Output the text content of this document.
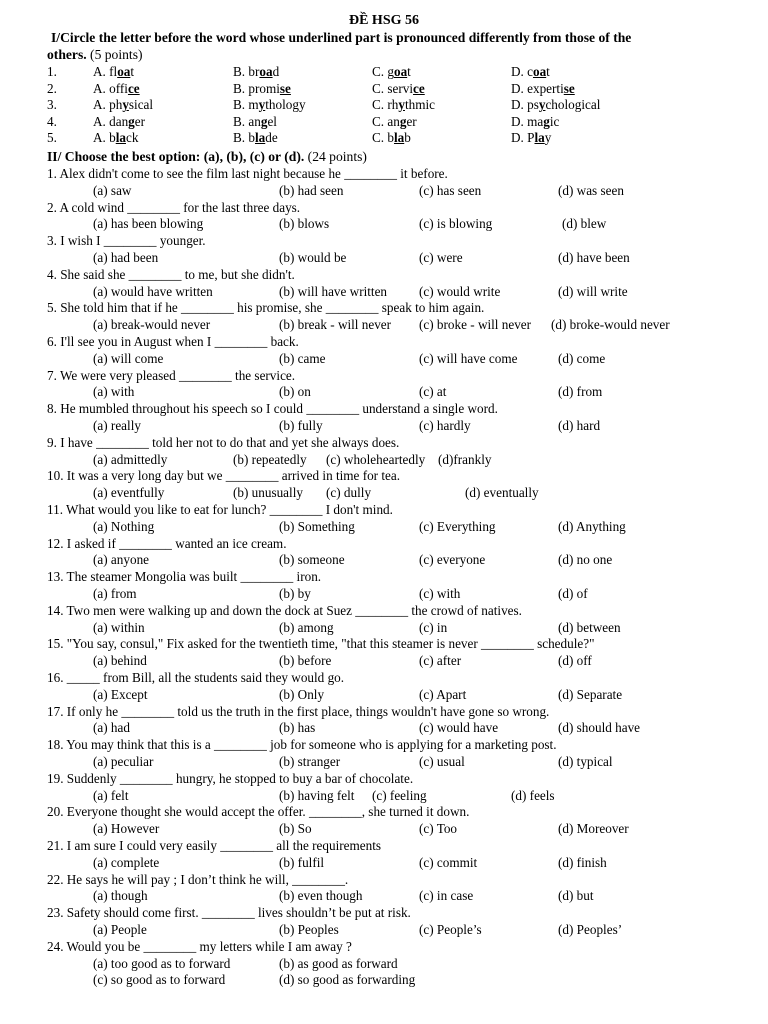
ĐỀ HSG 56
I/Circle the letter before the word whose underlined part is pronounced differently from those of the
others. (5 points)
1.	A. float	B. broad	C. goat	D. coat
2.	A. office	B. promise	C. service	D. expertise
3.	A. physical	B. mythology	C. rhythmic	D. psychological
4.	A. danger	B. angel	C. anger	D. magic
5.	A. black	B. blade	C. blab	D. Play
II/ Choose the best option: (a), (b), (c) or (d). (24 points)
1. Alex didn't come to see the film last night because he ________ it before.
(a) saw	(b) had seen	(c) has seen	(d) was seen
2. A cold wind ________ for the last three days.
(a) has been blowing	(b) blows	(c) is blowing	(d) blew
3. I wish I ________ younger.
(a) had been	(b) would be	(c) were	(d) have been
4. She said she ________ to me, but she didn't.
(a) would have written	(b) will have written (c) would write	(d) will write
5. She told him that if he ________ his promise, she ________ speak to him again.
(a) break-would never	(b) break - will never (c) broke - will never (d) broke-would never
6. I'll see you in August when I ________ back.
(a) will come	(b) came	(c) will have come	(d) come
7. We were very pleased ________ the service.
(a) with	(b) on	(c) at	(d) from
8. He mumbled throughout his speech so I could ________ understand a single word.
(a) really	(b) fully	(c) hardly	(d) hard
9. I have ________ told her not to do that and yet she always does.
(a) admittedly	(b) repeatedly (c) wholeheartedly (d)frankly
10. It was a very long day but we ________ arrived in time for tea.
(a) eventfully	(b) unusually (c) dully	(d) eventually
11. What would you like to eat for lunch? ________ I don't mind.
(a) Nothing	(b) Something	(c) Everything	(d) Anything
12. I asked if ________ wanted an ice cream.
(a) anyone	(b) someone	(c) everyone	(d) no one
13. The steamer Mongolia was built ________ iron.
(a) from	(b) by	(c) with	(d) of
14. Two men were walking up and down the dock at Suez ________ the crowd of natives.
(a) within	(b) among	(c) in	(d) between
15. "You say, consul," Fix asked for the twentieth time, "that this steamer is never ________ schedule?"
(a) behind	(b) before	(c) after	(d) off
16. _____ from Bill, all the students said they would go.
(a) Except	(b) Only	(c) Apart	(d) Separate
17. If only he ________ told us the truth in the first place, things wouldn't have gone so wrong.
(a) had	(b) has	(c) would have	(d) should have
18. You may think that this is a ________ job for someone who is applying for a marketing post.
(a) peculiar	(b) stranger	(c) usual	(d) typical
19. Suddenly ________ hungry, he stopped to buy a bar of chocolate.
(a) felt	(b) having felt (c) feeling	(d) feels
20. Everyone thought she would accept the offer. ________, she turned it down.
(a) However	(b) So	(c) Too	(d) Moreover
21. I am sure I could very easily ________ all the requirements
(a) complete	(b) fulfil	(c) commit	(d) finish
22. He says he will pay ; I don’t think he will, ________.
(a) though	(b) even though	(c) in case	(d) but
23. Safety should come first. ________ lives shouldn’t be put at risk.
(a) People	(b) Peoples	(c) People’s	(d) Peoples’
24. Would you be ________ my letters while I am away ?
(a) too good as to forward	(b) as good as forward
(c) so good as to forward	(d) so good as forwarding
